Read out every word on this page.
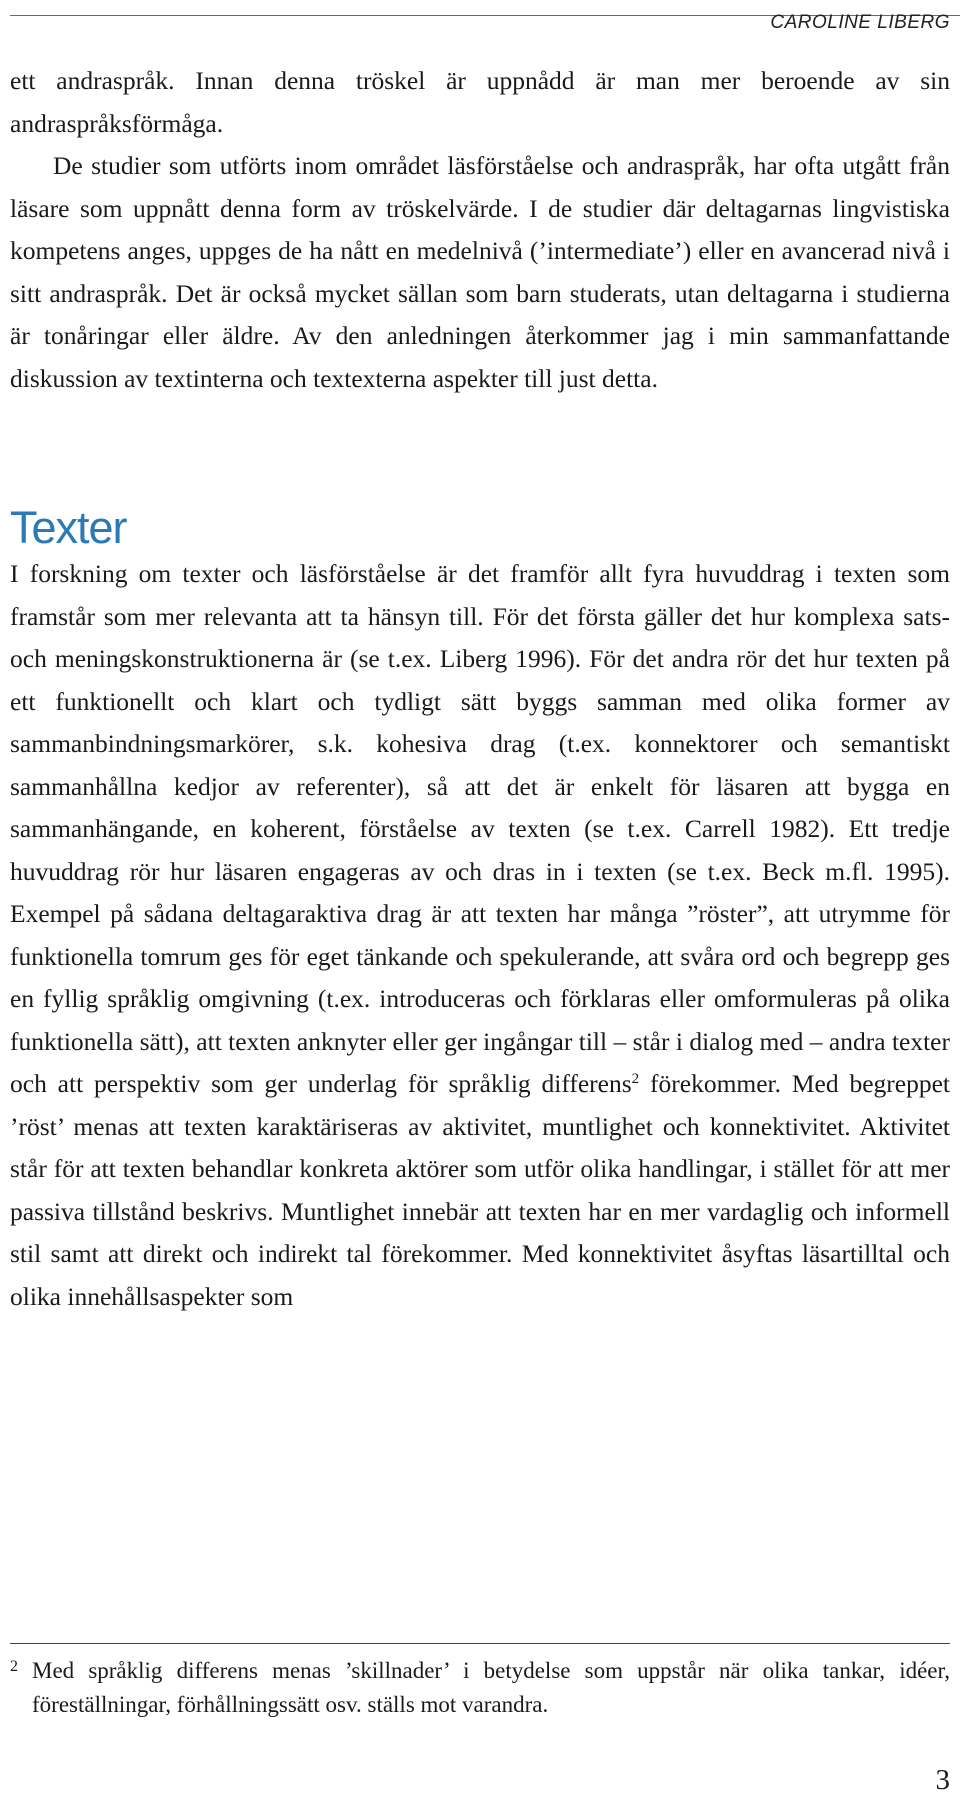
CAROLINE LIBERG

ett andraspråk. Innan denna tröskel är uppnådd är man mer beroende av sin andraspråksförmåga.

De studier som utförts inom området läsförståelse och andraspråk, har ofta utgått från läsare som uppnått denna form av tröskelvärde. I de studier där deltagarnas lingvistiska kompetens anges, uppges de ha nått en medelnivå (’intermediate’) eller en avancerad nivå i sitt andraspråk. Det är också mycket sällan som barn studerats, utan deltagarna i studierna är tonåringar eller äldre. Av den anledningen återkommer jag i min sammanfattande diskussion av textinterna och textexterna aspekter till just detta.

Texter

I forskning om texter och läsförståelse är det framför allt fyra huvuddrag i texten som framstår som mer relevanta att ta hänsyn till. För det första gäller det hur komplexa sats- och meningskonstruktionerna är (se t.ex. Liberg 1996). För det andra rör det hur texten på ett funktionellt och klart och tydligt sätt byggs samman med olika former av sammanbindningsmarkörer, s.k. kohesiva drag (t.ex. konnektorer och semantiskt sammanhållna kedjor av referenter), så att det är enkelt för läsaren att bygga en sammanhängande, en koherent, förståelse av texten (se t.ex. Carrell 1982). Ett tredje huvuddrag rör hur läsaren engageras av och dras in i texten (se t.ex. Beck m.fl. 1995). Exempel på sådana deltagaraktiva drag är att texten har många ”röster”, att utrymme för funktionella tomrum ges för eget tänkande och spekulerande, att svåra ord och begrepp ges en fyllig språklig omgivning (t.ex. introduceras och förklaras eller omformuleras på olika funktionella sätt), att texten anknyter eller ger ingångar till – står i dialog med – andra texter och att perspektiv som ger underlag för språklig differens$^2$ förekommer. Med begreppet ’röst’ menas att texten karaktäriseras av aktivitet, muntlighet och konnektivitet. Aktivitet står för att texten behandlar konkreta aktörer som utför olika handlingar, i stället för att mer passiva tillstånd beskrivs. Muntlighet innebär att texten har en mer vardaglig och informell stil samt att direkt och indirekt tal förekommer. Med konnektivitet åsyftas läsartilltal och olika innehållsaspekter som

2 Med språklig differens menas ’skillnader’ i betydelse som uppstår när olika tankar, idéer, föreställningar, förhållningssätt osv. ställs mot varandra.
3
